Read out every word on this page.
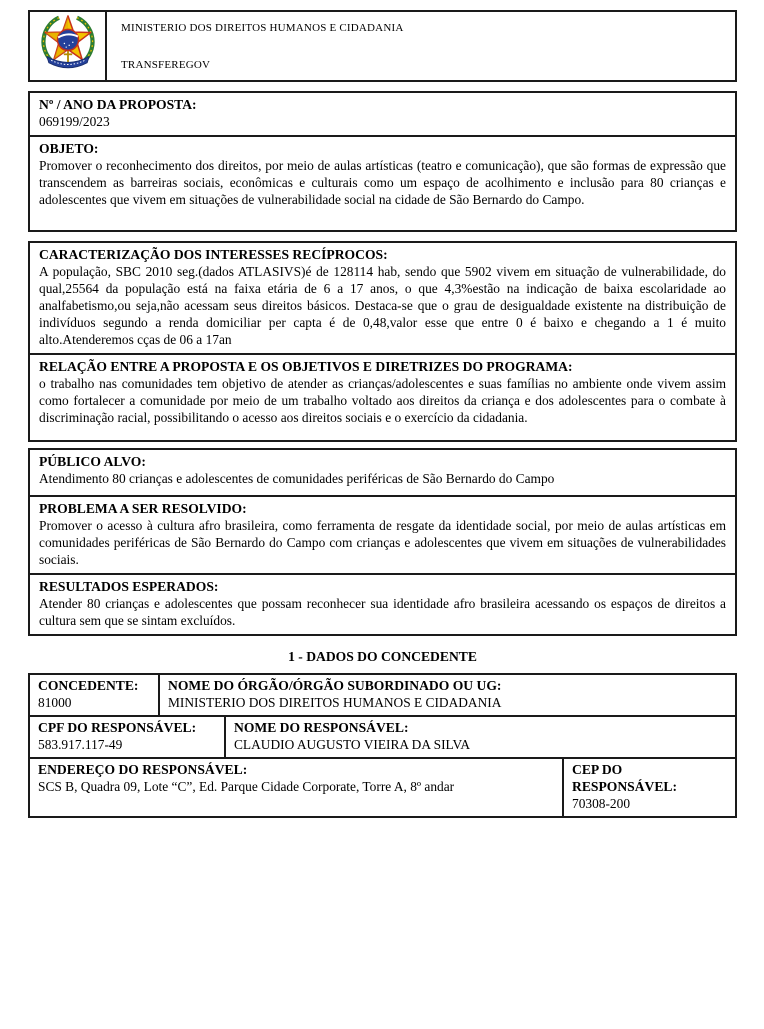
MINISTERIO DOS DIREITOS HUMANOS E CIDADANIA
TRANSFEREGOV
Nº / ANO DA PROPOSTA:

069199/2023

OBJETO:

Promover o reconhecimento dos direitos, por meio de aulas artísticas (teatro e comunicação), que são formas de expressão que transcendem as barreiras sociais, econômicas e culturais como um espaço de acolhimento e inclusão para 80 crianças e adolescentes que vivem em situações de vulnerabilidade social na cidade de São Bernardo do Campo.

CARACTERIZAÇÃO DOS INTERESSES RECÍPROCOS:

A população, SBC 2010 seg.(dados ATLASIVS)é de 128114 hab, sendo que 5902 vivem em situação de vulnerabilidade, do qual,25564 da população está na faixa etária de 6 a 17 anos, o que 4,3%estão na indicação de baixa escolaridade ao analfabetismo,ou seja,não acessam seus direitos básicos. Destaca-se que o grau de desigualdade existente na distribuição de indivíduos segundo a renda domiciliar per capta é de 0,48,valor esse que entre 0 é baixo e chegando a 1 é muito alto.Atenderemos cças de 06 a 17an

RELAÇÃO ENTRE A PROPOSTA E OS OBJETIVOS E DIRETRIZES DO PROGRAMA:

o trabalho nas comunidades tem objetivo de atender as crianças/adolescentes e suas famílias no ambiente onde vivem assim como fortalecer a comunidade por meio de um trabalho voltado aos direitos da criança e dos adolescentes para o combate à discriminação racial, possibilitando o acesso aos direitos sociais e o exercício da cidadania.

PÚBLICO ALVO:

Atendimento 80 crianças e adolescentes de comunidades periféricas de São Bernardo do Campo

PROBLEMA A SER RESOLVIDO:

Promover o acesso à cultura afro brasileira, como ferramenta de resgate da identidade social, por meio de aulas artísticas em comunidades periféricas de São Bernardo do Campo com crianças e adolescentes que vivem em situações de vulnerabilidades sociais.

RESULTADOS ESPERADOS:

Atender 80 crianças e adolescentes que possam reconhecer sua identidade afro brasileira acessando os espaços de direitos a cultura sem que se sintam excluídos.

1 - DADOS DO CONCEDENTE
CONCEDENTE:
81000
NOME DO ÓRGÃO/ÓRGÃO SUBORDINADO OU UG:
MINISTERIO DOS DIREITOS HUMANOS E CIDADANIA
CPF DO RESPONSÁVEL:
583.917.117-49
NOME DO RESPONSÁVEL:
CLAUDIO AUGUSTO VIEIRA DA SILVA
ENDEREÇO DO RESPONSÁVEL:
SCS B, Quadra 09, Lote “C”, Ed. Parque Cidade Corporate, Torre A, 8º andar
CEP DO RESPONSÁVEL:
70308-200
